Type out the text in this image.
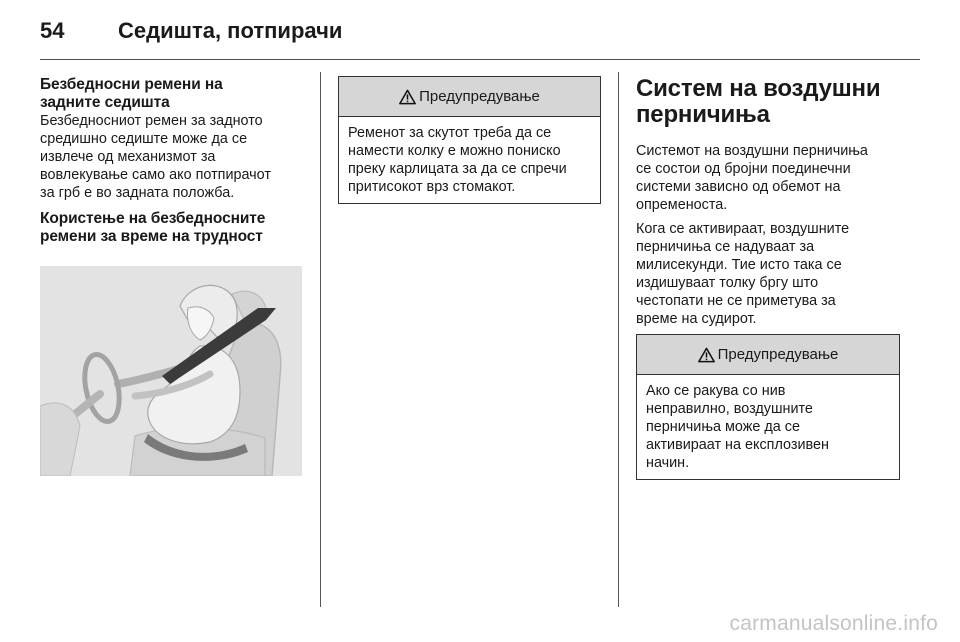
54 Седишта, потпирачи
Безбедносни ремени на
задните седишта
Безбедносниот ремен за задното
средишно седиште може да се
извлече од механизмот за
вовлекување само ако потпирачот
за грб е во задната положба.
Користење на безбедносните
ремени за време на трудност
Предупредување
Ременот за скутот треба да се
намести колку е можно пониско
преку карлицата за да се спречи
притисокот врз стомакот.
Систем на воздушни
перничиња
Системот на воздушни перничиња
се состои од бројни поединечни
системи зависно од обемот на
опременоста.
Кога се активираат, воздушните
перничиња се надуваат за
милисекунди. Тие исто така се
издишуваат толку бргу што
честопати не се приметува за
време на судирот.
Предупредување
Ако се ракува со нив
неправилно, воздушните
перничиња може да се
активираат на експлозивен
начин.
carmanualsonline.info
